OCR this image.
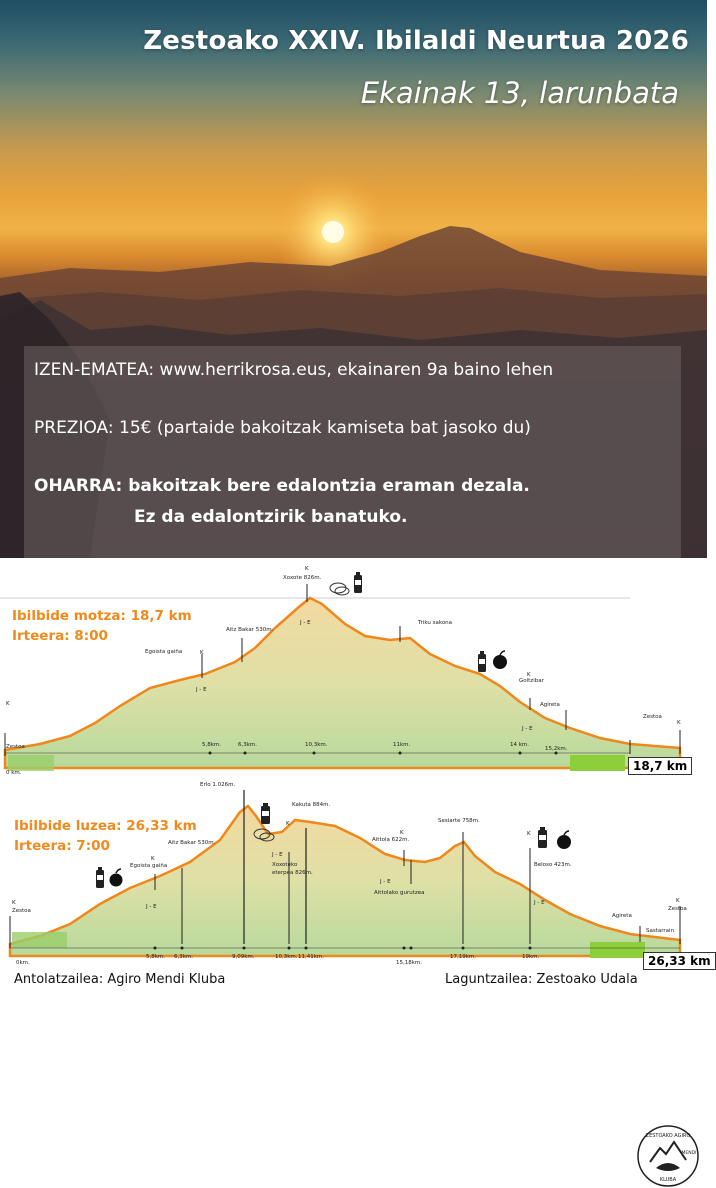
Zestoako XXIV. Ibilaldi Neurtua 2026
Ekainak 13, larunbata
IZEN-EMATEA: www.herrikrosa.eus, ekainaren 9a baino lehen
PREZIOA: 15€ (partaide bakoitzak kamiseta bat jasoko du)
OHARRA: bakoitzak bere edalontzia eraman dezala.
Ez da edalontzirik banatuko.
K
Zestoa
Egoista gaiña	K
J - E
Aitz Bakar 530m.
K
Xoxote 826m.
J - E	Triku sakona
K
Goltzibar
Agireta
J - E
Zestoa
K
0 km.
5,8km.	6,3km.	10,3km.	11km.	14 km.
15,2km.
Ibilbide motza: 18,7 km
Irteera: 8:00
18,7 km
ZESTOAKO AGIRO
MENDI
KLUBA
K
Zestoa
Egoista gaiña
K
J - E
Aitz Bakar 530m.
Erlo 1.026m.
J - E
K
Kakuta 884m.
Xoxoteko
eterpea 826m.
K
Aittola 622m.
J - E
Aittolako gurutzea
Sesiarte 758m.
K
Beloso 423m.
J - E
Agireta
Sastarrain
K
Zestoa
0km.
5,8km. 6,3km.	9,09km.	10,3km. 11,41km.
15,18km.
17,19km.	19km.
Ibilbide luzea: 26,33 km
Irteera: 7:00
26,33 km
Antolatzailea: Agiro Mendi Kluba	Laguntzailea: Zestoako Udala
